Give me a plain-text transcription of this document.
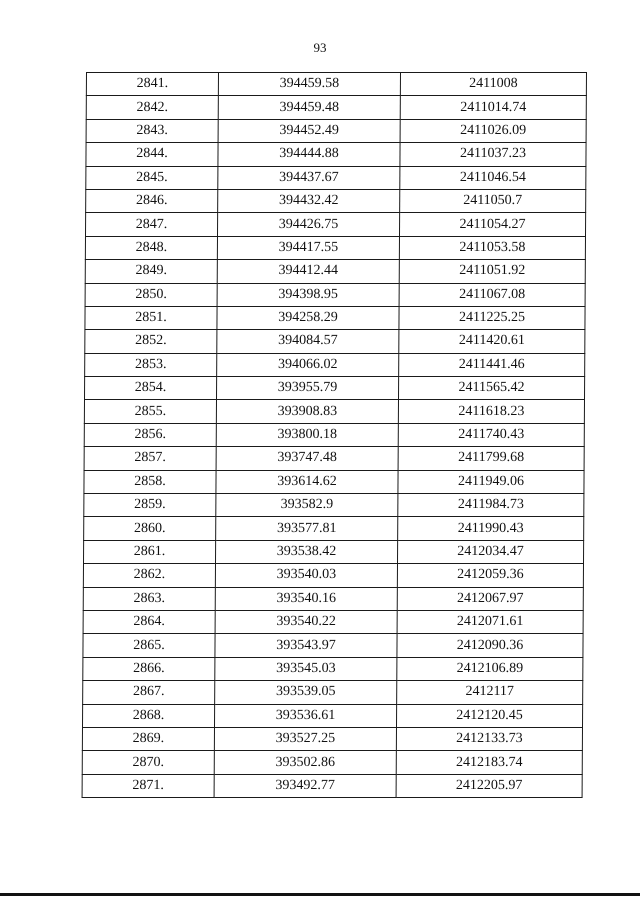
93
2841.	394459.58	2411008
2842.	394459.48	2411014.74
2843.	394452.49	2411026.09
2844.	394444.88	2411037.23
2845.	394437.67	2411046.54
2846.	394432.42	2411050.7
2847.	394426.75	2411054.27
2848.	394417.55	2411053.58
2849.	394412.44	2411051.92
2850.	394398.95	2411067.08
2851.	394258.29	2411225.25
2852.	394084.57	2411420.61
2853.	394066.02	2411441.46
2854.	393955.79	2411565.42
2855.	393908.83	2411618.23
2856.	393800.18	2411740.43
2857.	393747.48	2411799.68
2858.	393614.62	2411949.06
2859.	393582.9	2411984.73
2860.	393577.81	2411990.43
2861.	393538.42	2412034.47
2862.	393540.03	2412059.36
2863.	393540.16	2412067.97
2864.	393540.22	2412071.61
2865.	393543.97	2412090.36
2866.	393545.03	2412106.89
2867.	393539.05	2412117
2868.	393536.61	2412120.45
2869.	393527.25	2412133.73
2870.	393502.86	2412183.74
2871.	393492.77	2412205.97
